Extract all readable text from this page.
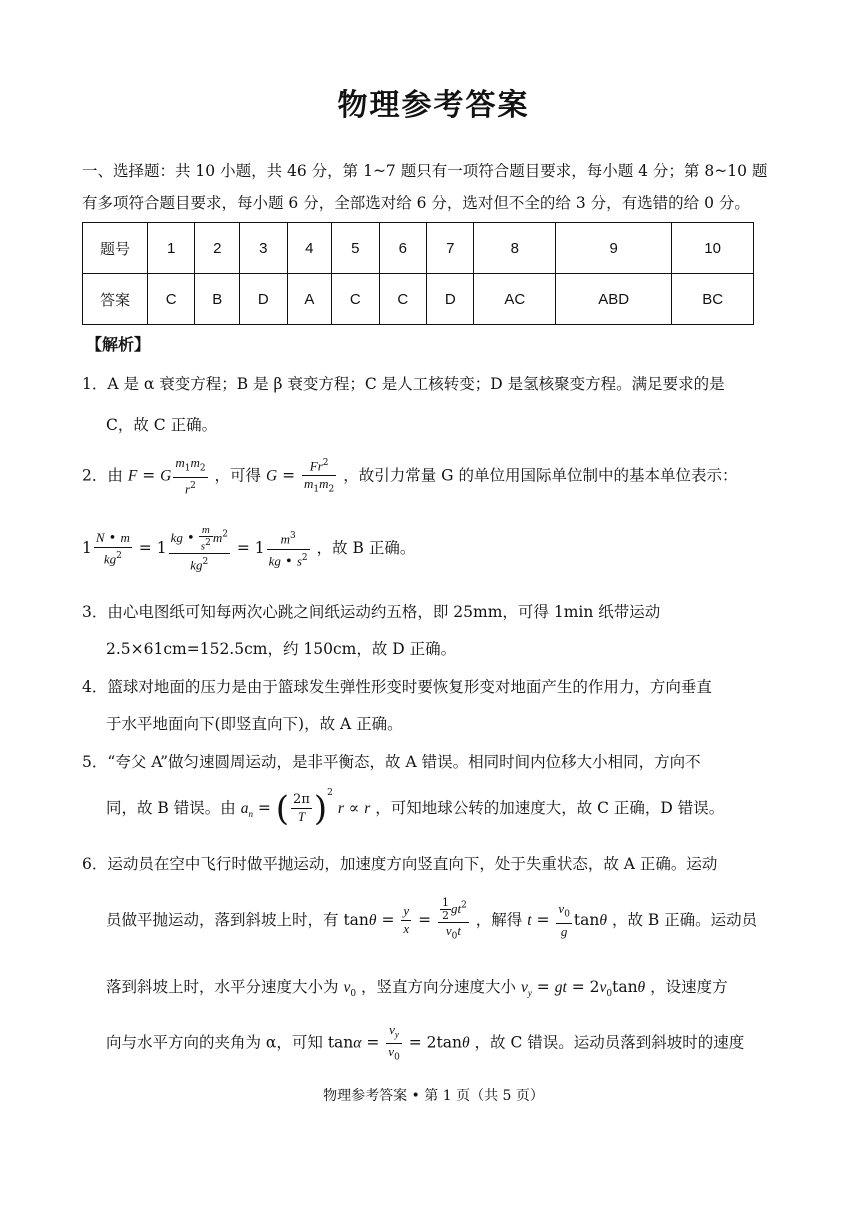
物理参考答案
一、选择题：共 10 小题，共 46 分，第 1~7 题只有一项符合题目要求，每小题 4 分；第 8~10 题
有多项符合题目要求，每小题 6 分，全部选对给 6 分，选对但不全的给 3 分，有选错的给 0 分。
题号	1	2	3	4	5	6	7	8	9	10
答案	C	B	D	A	C	C	D	AC	ABD	BC
【解析】
1．A 是 α 衰变方程；B 是 β 衰变方程；C 是人工核转变；D 是氢核聚变方程。满足要求的是
C，故 C 正确。
2．由 F = G $\frac{m_1m_2}{r^2}$ ，可得 $G = \frac{Fr^2}{m_1m_2}$ ，故引力常量 G 的单位用国际单位制中的基本单位表示：
$1 \frac{N • m}{kg^2} = 1 \frac{kg • \frac{m}{s^2} m^2}{kg^2} = 1 \frac{m^3}{kg • s^2}$ ，故 B 正确。
3．由心电图纸可知每两次心跳之间纸运动约五格，即 25mm，可得 1min 纸带运动
2.5×61cm=152.5cm，约 150cm，故 D 正确。
4．篮球对地面的压力是由于篮球发生弹性形变时要恢复形变对地面产生的作用力，方向垂直
于水平地面向下(即竖直向下)，故 A 正确。
5．“夸父 A”做匀速圆周运动，是非平衡态，故 A 错误。相同时间内位移大小相同，方向不
同，故 B 错误。由 $a_n$ = ( $\frac{2\pi}{T} )^2$ r ∝ r ，可知地球公转的加速度大，故 C 正确，D 错误。
6．运动员在空中飞行时做平抛运动，加速度方向竖直向下，处于失重状态，故 A 正确。运动
员做平抛运动，落到斜坡上时，有 $\tan\theta = \frac{y}{x} = \frac{\frac{1}{2} gt^2}{v_0t}$ ，解得 $t = \frac{v_0}{g}$ tanθ ，故 B 正确。运动员
落到斜坡上时，水平分速度大小为 $v_0$ ，竖直方向分速度大小 $v_y$ = gt = $2v_0\tan\theta$ ，设速度方
向与水平方向的夹角为 α，可知 $\tan\alpha = \frac{v_y}{v_0} = 2\tan\theta$ ，故 C 错误。运动员落到斜坡时的速度
物理参考答案 • 第 1 页（共 5 页）
